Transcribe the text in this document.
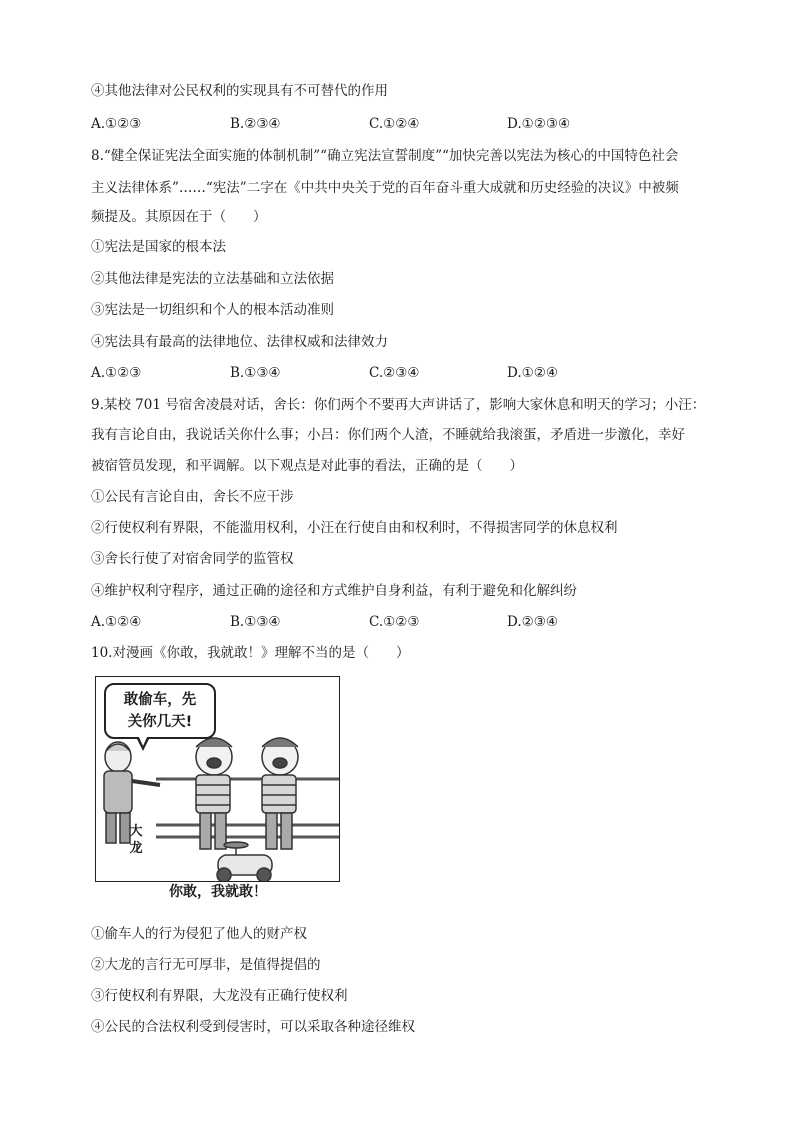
④其他法律对公民权利的实现具有不可替代的作用
A.①②③	B.②③④	C.①②④	D.①②③④
8.“健全保证宪法全面实施的体制机制”“确立宪法宣誓制度”“加快完善以宪法为核心的中国特色社会
主义法律体系”……“宪法”二字在《中共中央关于党的百年奋斗重大成就和历史经验的决议》中被频
频提及。其原因在于（　　）
①宪法是国家的根本法
②其他法律是宪法的立法基础和立法依据
③宪法是一切组织和个人的根本活动准则
④宪法具有最高的法律地位、法律权威和法律效力
A.①②③	B.①③④	C.②③④	D.①②④
9.某校 701 号宿舍凌晨对话，舍长：你们两个不要再大声讲话了，影响大家休息和明天的学习；小汪：
我有言论自由，我说话关你什么事；小吕：你们两个人渣，不睡就给我滚蛋，矛盾进一步激化，幸好
被宿管员发现，和平调解。以下观点是对此事的看法，正确的是（　　）
①公民有言论自由，舍长不应干涉
②行使权利有界限，不能滥用权利，小汪在行使自由和权利时，不得损害同学的休息权利
③舍长行使了对宿舍同学的监管权
④维护权利守程序，通过正确的途径和方式维护自身利益，有利于避免和化解纠纷
A.①②④	B.①③④	C.①②③	D.②③④
10.对漫画《你敢，我就敢！》理解不当的是（　　）
敢偷车，先
关你几天!
大龙
你敢，我就敢！
①偷车人的行为侵犯了他人的财产权
②大龙的言行无可厚非，是值得提倡的
③行使权利有界限，大龙没有正确行使权利
④公民的合法权利受到侵害时，可以采取各种途径维权
